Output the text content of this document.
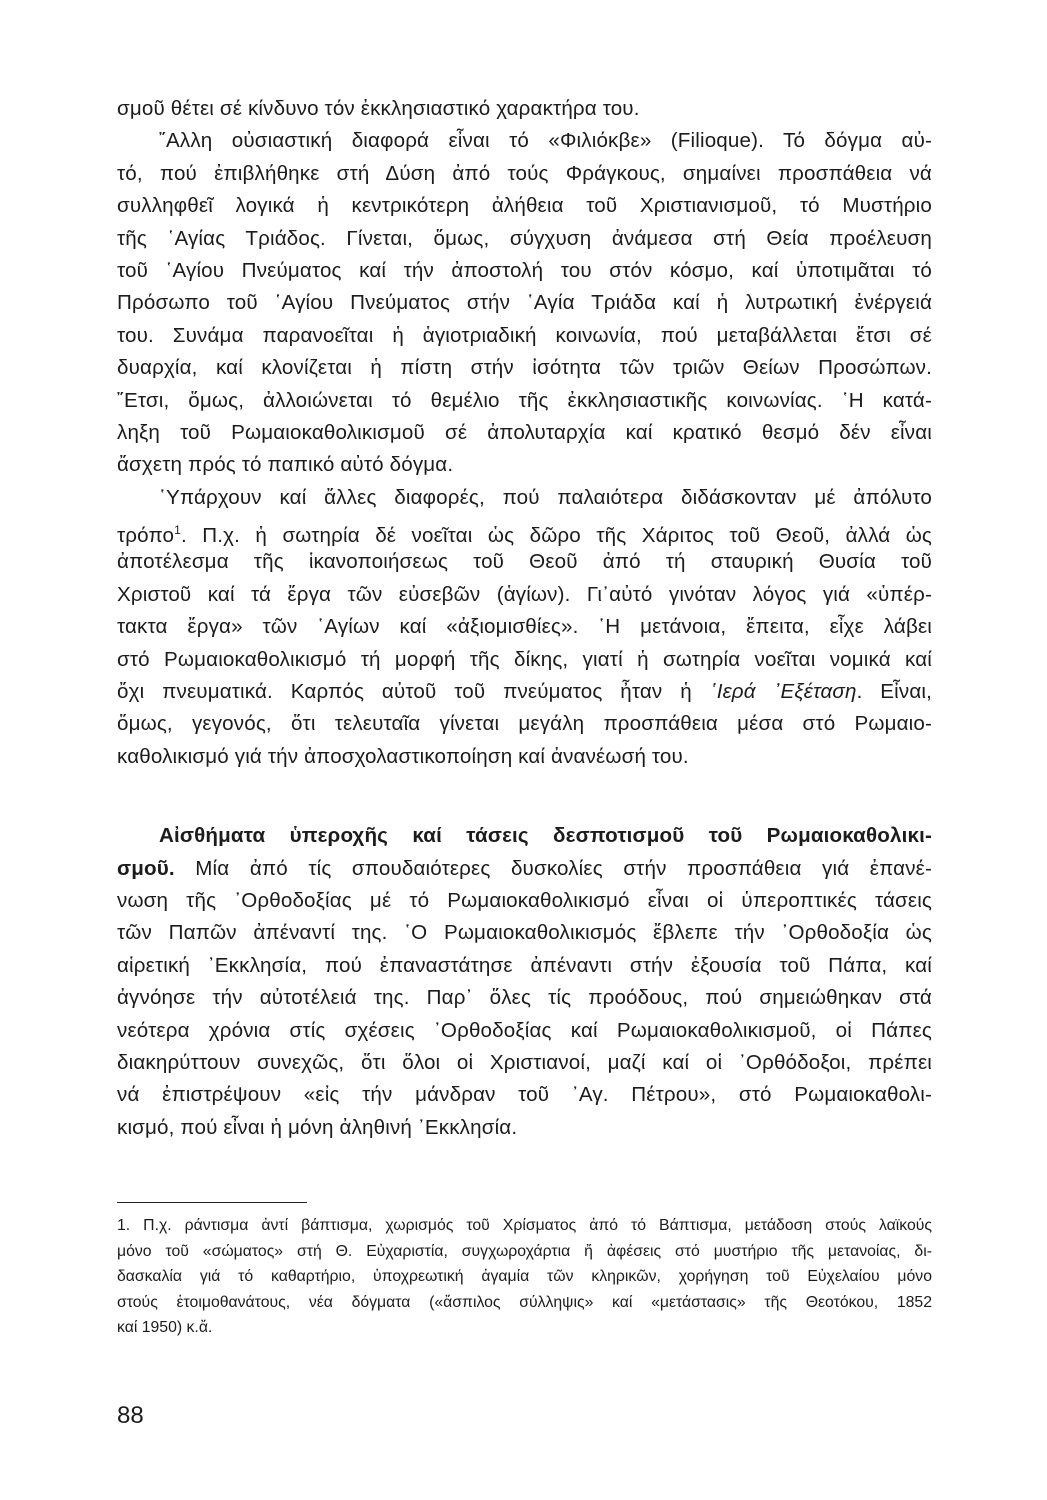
σμοῦ θέτει σέ κίνδυνο τόν ἐκκλησιαστικό χαρακτήρα του.
῎Αλλη οὐσιαστική διαφορά εἶναι τό «Φιλιόκβε» (Filioque). Τό δόγμα αὐ-
τό, πού ἐπιβλήθηκε στή Δύση ἀπό τούς Φράγκους, σημαίνει προσπάθεια νά
συλληφθεῖ λογικά ἡ κεντρικότερη ἀλήθεια τοῦ Χριστιανισμοῦ, τό Μυστήριο
τῆς ῾Αγίας Τριάδος. Γίνεται, ὅμως, σύγχυση ἀνάμεσα στή Θεία προέλευση
τοῦ ῾Αγίου Πνεύματος καί τήν ἀποστολή του στόν κόσμο, καί ὑποτιμᾶται τό
Πρόσωπο τοῦ ῾Αγίου Πνεύματος στήν ῾Αγία Τριάδα καί ἡ λυτρωτική ἐνέργειά
του. Συνάμα παρανοεῖται ἡ ἁγιοτριαδική κοινωνία, πού μεταβάλλεται ἔτσι σέ
δυαρχία, καί κλονίζεται ἡ πίστη στήν ἰσότητα τῶν τριῶν Θείων Προσώπων.
῎Ετσι, ὅμως, ἀλλοιώνεται τό θεμέλιο τῆς ἐκκλησιαστικῆς κοινωνίας. ῾Η κατά-
ληξη τοῦ Ρωμαιοκαθολικισμοῦ σέ ἀπολυταρχία καί κρατικό θεσμό δέν εἶναι
ἄσχετη πρός τό παπικό αὐτό δόγμα.
῾Υπάρχουν καί ἄλλες διαφορές, πού παλαιότερα διδάσκονταν μέ ἀπόλυτο
τρόπο$^1$. Π.χ. ἡ σωτηρία δέ νοεῖται ὡς δῶρο τῆς Χάριτος τοῦ Θεοῦ, ἀλλά ὡς
ἀποτέλεσμα τῆς ἱκανοποιήσεως τοῦ Θεοῦ ἀπό τή σταυρική Θυσία τοῦ
Χριστοῦ καί τά ἔργα τῶν εὐσεβῶν (ἁγίων). Γι᾿αὐτό γινόταν λόγος γιά «ὑπέρ-
τακτα ἔργα» τῶν ῾Αγίων καί «ἀξιομισθίες». ῾Η μετάνοια, ἔπειτα, εἶχε λάβει
στό Ρωμαιοκαθολικισμό τή μορφή τῆς δίκης, γιατί ἡ σωτηρία νοεῖται νομικά καί
ὄχι πνευματικά. Καρπός αὐτοῦ τοῦ πνεύματος ἦταν ἡ ῾Ιερά ᾿Εξέταση. Εἶναι,
ὅμως, γεγονός, ὅτι τελευταῖα γίνεται μεγάλη προσπάθεια μέσα στό Ρωμαιο-
καθολικισμό γιά τήν ἀποσχολαστικοποίηση καί ἀνανέωσή του.
Αἰσθήματα ὑπεροχῆς καί τάσεις δεσποτισμοῦ τοῦ Ρωμαιοκαθολικι-
σμοῦ. Μία ἀπό τίς σπουδαιότερες δυσκολίες στήν προσπάθεια γιά ἐπανέ-
νωση τῆς ᾿Ορθοδοξίας μέ τό Ρωμαιοκαθολικισμό εἶναι οἱ ὑπεροπτικές τάσεις
τῶν Παπῶν ἀπέναντί της. ῾Ο Ρωμαιοκαθολικισμός ἔβλεπε τήν ᾿Ορθοδοξία ὡς
αἱρετική ᾿Εκκλησία, πού ἐπαναστάτησε ἀπέναντι στήν ἐξουσία τοῦ Πάπα, καί
ἀγνόησε τήν αὐτοτέλειά της. Παρ᾿ ὅλες τίς προόδους, πού σημειώθηκαν στά
νεότερα χρόνια στίς σχέσεις ᾿Ορθοδοξίας καί Ρωμαιοκαθολικισμοῦ, οἱ Πάπες
διακηρύττουν συνεχῶς, ὅτι ὅλοι οἱ Χριστιανοί, μαζί καί οἱ ᾿Ορθόδοξοι, πρέπει
νά ἐπιστρέψουν «εἰς τήν μάνδραν τοῦ ᾿Αγ. Πέτρου», στό Ρωμαιοκαθολι-
κισμό, πού εἶναι ἡ μόνη ἀληθινή ᾿Εκκλησία.
1. Π.χ. ράντισμα ἀντί βάπτισμα, χωρισμός τοῦ Χρίσματος ἀπό τό Βάπτισμα, μετάδοση στούς λαϊκούς
μόνο τοῦ «σώματος» στή Θ. Εὐχαριστία, συγχωροχάρτια ἤ ἀφέσεις στό μυστήριο τῆς μετανοίας, δι-
δασκαλία γιά τό καθαρτήριο, ὑποχρεωτική ἀγαμία τῶν κληρικῶν, χορήγηση τοῦ Εὐχελαίου μόνο
στούς ἑτοιμοθανάτους, νέα δόγματα («ἄσπιλος σύλληψις» καί «μετάστασις» τῆς Θεοτόκου, 1852
καί 1950) κ.ἄ.
88
